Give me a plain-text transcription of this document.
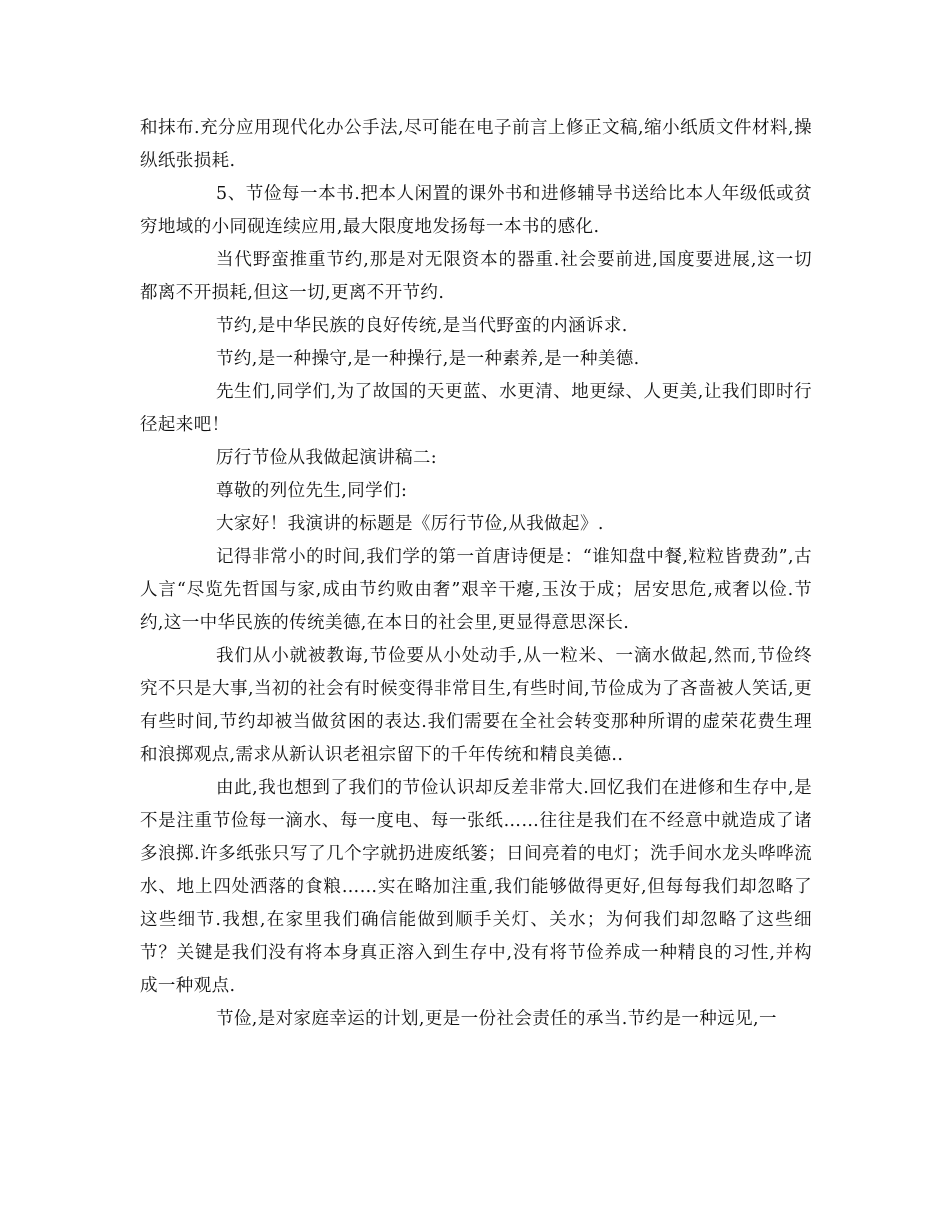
和抹布.充分应用现代化办公手法,尽可能在电子前言上修正文稿,缩小纸质文件材料,操纵纸张损耗.

5、节俭每一本书.把本人闲置的课外书和进修辅导书送给比本人年级低或贫穷地域的小同砚连续应用,最大限度地发扬每一本书的感化.

当代野蛮推重节约,那是对无限资本的器重.社会要前进,国度要进展,这一切都离不开损耗,但这一切,更离不开节约.

节约,是中华民族的良好传统,是当代野蛮的内涵诉求.

节约,是一种操守,是一种操行,是一种素养,是一种美德.

先生们,同学们,为了故国的天更蓝、水更清、地更绿、人更美,让我们即时行径起来吧！

厉行节俭从我做起演讲稿二:

尊敬的列位先生,同学们:

大家好！我演讲的标题是《厉行节俭,从我做起》.

记得非常小的时间,我们学的第一首唐诗便是：“谁知盘中餐,粒粒皆费劲”,古人言“尽览先哲国与家,成由节约败由奢”艰辛干瘪,玉汝于成；居安思危,戒奢以俭.节约,这一中华民族的传统美德,在本日的社会里,更显得意思深长.

我们从小就被教诲,节俭要从小处动手,从一粒米、一滴水做起,然而,节俭终究不只是大事,当初的社会有时候变得非常目生,有些时间,节俭成为了吝啬被人笑话,更有些时间,节约却被当做贫困的表达.我们需要在全社会转变那种所谓的虚荣花费生理和浪掷观点,需求从新认识老祖宗留下的千年传统和精良美德..

由此,我也想到了我们的节俭认识却反差非常大.回忆我们在进修和生存中,是不是注重节俭每一滴水、每一度电、每一张纸……往往是我们在不经意中就造成了诸多浪掷.许多纸张只写了几个字就扔进废纸篓；日间亮着的电灯；洗手间水龙头哗哗流水、地上四处洒落的食粮……实在略加注重,我们能够做得更好,但每每我们却忽略了这些细节.我想,在家里我们确信能做到顺手关灯、关水；为何我们却忽略了这些细节？关键是我们没有将本身真正溶入到生存中,没有将节俭养成一种精良的习性,并构成一种观点.

节俭,是对家庭幸运的计划,更是一份社会责任的承当.节约是一种远见,一
